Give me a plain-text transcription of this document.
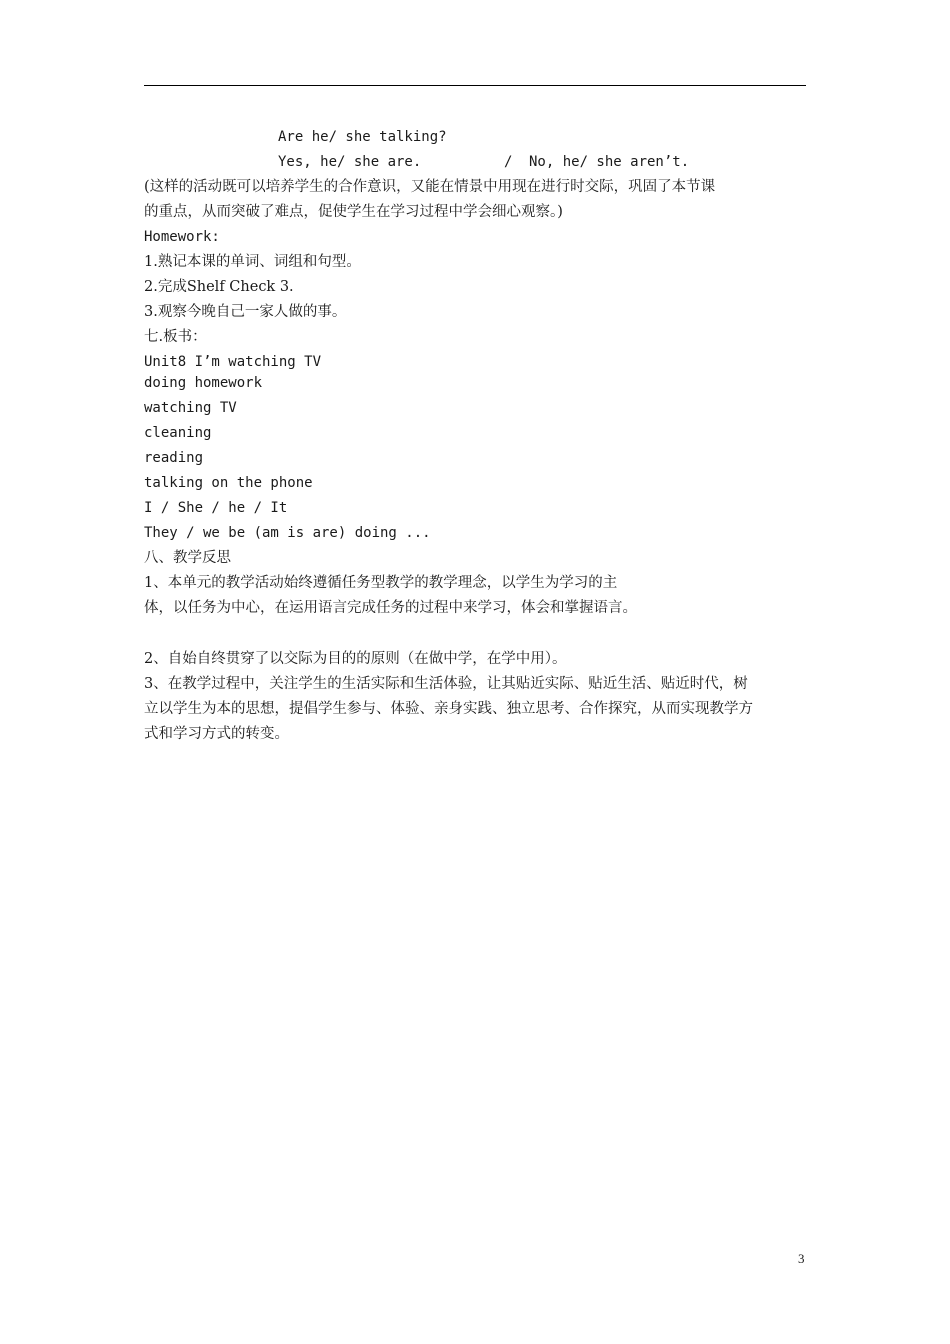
Are he/ she talking?
Yes, he/ she are.	/ No, he/ she aren’t.
(这样的活动既可以培养学生的合作意识，又能在情景中用现在进行时交际，巩固了本节课
的重点，从而突破了难点，促使学生在学习过程中学会细心观察。)
Homework:
1.熟记本课的单词、词组和句型。
2.完成Shelf Check 3.
3.观察今晚自己一家人做的事。
七.板书：
Unit8 I’m watching TV
doing homework
watching TV
cleaning
reading
talking on the phone
I / She / he / It
They / we be (am is are) doing ...
八、教学反思
1、本单元的教学活动始终遵循任务型教学的教学理念，以学生为学习的主
体，以任务为中心，在运用语言完成任务的过程中来学习，体会和掌握语言。
2、自始自终贯穿了以交际为目的的原则（在做中学，在学中用）。
3、在教学过程中，关注学生的生活实际和生活体验，让其贴近实际、贴近生活、贴近时代，树
立以学生为本的思想，提倡学生参与、体验、亲身实践、独立思考、合作探究，从而实现教学方
式和学习方式的转变。
3
